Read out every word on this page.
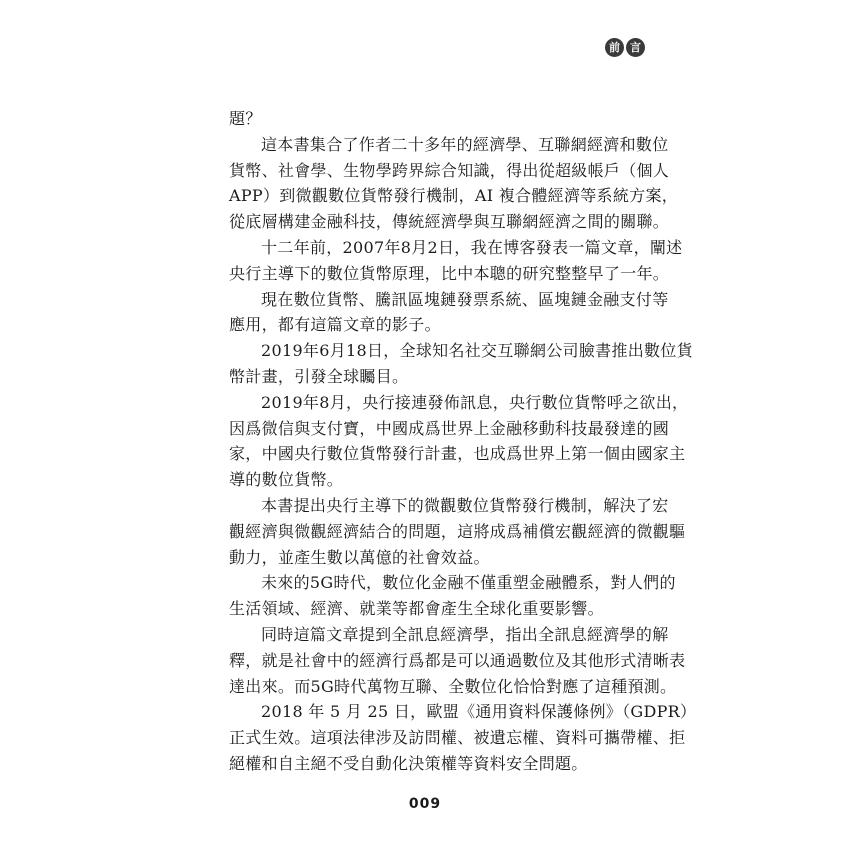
前 言
題？
這本書集合了作者二十多年的經濟學、互聯網經濟和數位
貨幣、社會學、生物學跨界綜合知識，得出從超級帳戶（個人
APP）到微觀數位貨幣發行機制，AI 複合體經濟等系統方案，
從底層構建金融科技，傳統經濟學與互聯網經濟之間的關聯。
十二年前，2007年8月2日，我在博客發表一篇文章，闡述
央行主導下的數位貨幣原理，比中本聰的研究整整早了一年。
現在數位貨幣、騰訊區塊鏈發票系統、區塊鏈金融支付等
應用，都有這篇文章的影子。
2019年6月18日，全球知名社交互聯網公司臉書推出數位貨
幣計畫，引發全球矚目。
2019年8月，央行接連發佈訊息，央行數位貨幣呼之欲出，
因爲微信與支付寶，中國成爲世界上金融移動科技最發達的國
家，中國央行數位貨幣發行計畫，也成爲世界上第一個由國家主
導的數位貨幣。
本書提出央行主導下的微觀數位貨幣發行機制，解決了宏
觀經濟與微觀經濟結合的問題，這將成爲補償宏觀經濟的微觀驅
動力，並產生數以萬億的社會效益。
未來的5G時代，數位化金融不僅重塑金融體系，對人們的
生活領域、經濟、就業等都會產生全球化重要影響。
同時這篇文章提到全訊息經濟學，指出全訊息經濟學的解
釋，就是社會中的經濟行爲都是可以通過數位及其他形式清晰表
達出來。而5G時代萬物互聯、全數位化恰恰對應了這種預測。
2018 年 5 月 25 日，歐盟《通用資料保護條例》（GDPR）
正式生效。這項法律涉及訪問權、被遺忘權、資料可攜帶權、拒
絕權和自主絕不受自動化決策權等資料安全問題。
009
